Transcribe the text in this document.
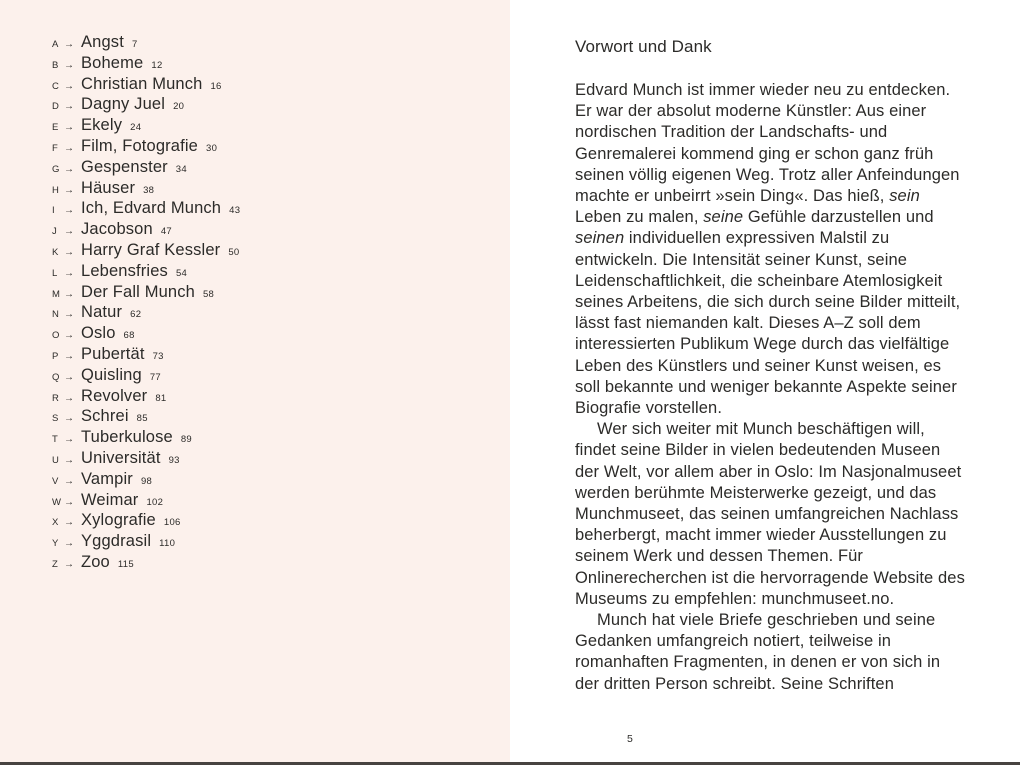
A → Angst 7
B → Boheme 12
C → Christian Munch 16
D → Dagny Juel 20
E → Ekely 24
F → Film, Fotografie 30
G → Gespenster 34
H → Häuser 38
I → Ich, Edvard Munch 43
J → Jacobson 47
K → Harry Graf Kessler 50
L → Lebensfries 54
M → Der Fall Munch 58
N → Natur 62
O → Oslo 68
P → Pubertät 73
Q → Quisling 77
R → Revolver 81
S → Schrei 85
T → Tuberkulose 89
U → Universität 93
V → Vampir 98
W → Weimar 102
X → Xylografie 106
Y → Yggdrasil 110
Z → Zoo 115
Vorwort und Dank

Edvard Munch ist immer wieder neu zu entdecken. Er war der absolut moderne Künstler: Aus einer nordischen Tradition der Landschafts- und Genremalerei kommend ging er schon ganz früh seinen völlig eigenen Weg. Trotz aller Anfeindungen machte er unbeirrt »sein Ding«. Das hieß, sein Leben zu malen, seine Gefühle darzustellen und seinen individuellen expressiven Malstil zu entwickeln. Die Intensität seiner Kunst, seine Leidenschaftlichkeit, die scheinbare Atemlosigkeit seines Arbeitens, die sich durch seine Bilder mitteilt, lässt fast niemanden kalt. Dieses A–Z soll dem interessierten Publikum Wege durch das vielfältige Leben des Künstlers und seiner Kunst weisen, es soll bekannte und weniger bekannte Aspekte seiner Biografie vorstellen.

Wer sich weiter mit Munch beschäftigen will, findet seine Bilder in vielen bedeutenden Museen der Welt, vor allem aber in Oslo: Im Nasjonalmuseet werden berühmte Meisterwerke gezeigt, und das Munchmuseet, das seinen umfangreichen Nachlass beherbergt, macht immer wieder Ausstellungen zu seinem Werk und dessen Themen. Für Onlinerecherchen ist die hervorragende Website des Museums zu empfehlen: munchmuseet.no.

Munch hat viele Briefe geschrieben und seine Gedanken umfangreich notiert, teilweise in romanhaften Fragmenten, in denen er von sich in der dritten Person schreibt. Seine Schriften

5
